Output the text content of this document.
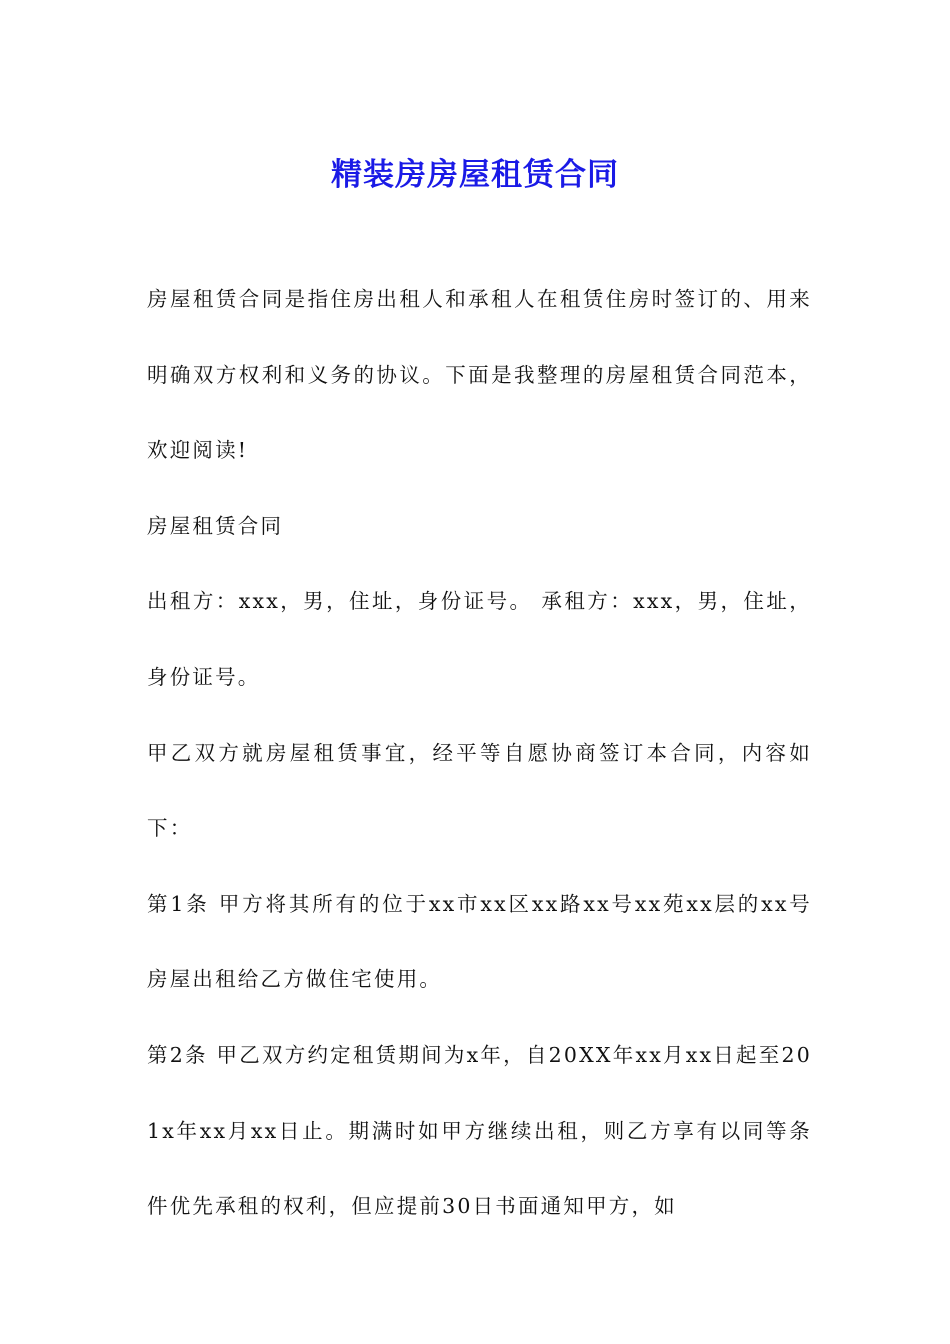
精装房房屋租赁合同

房屋租赁合同是指住房出租人和承租人在租赁住房时签订的、用来明确双方权利和义务的协议。下面是我整理的房屋租赁合同范本，欢迎阅读!

房屋租赁合同

出租方：xxx，男，住址，身份证号。 承租方：xxx，男，住址，身份证号。

甲乙双方就房屋租赁事宜，经平等自愿协商签订本合同，内容如下：

第1条 甲方将其所有的位于xx市xx区xx路xx号xx苑xx层的xx号房屋出租给乙方做住宅使用。

第2条 甲乙双方约定租赁期间为x年，自20XX年xx月xx日起至201x年xx月xx日止。期满时如甲方继续出租，则乙方享有以同等条件优先承租的权利，但应提前30日书面通知甲方，如
